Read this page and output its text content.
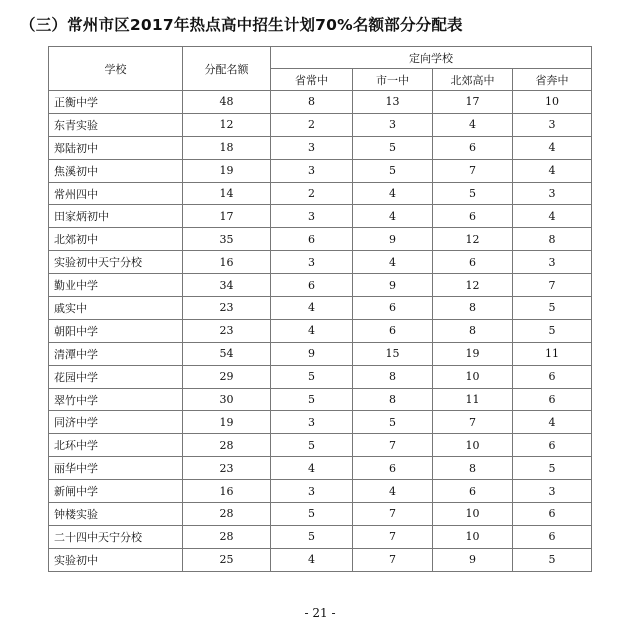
（三）常州市区2017年热点高中招生计划70%名额部分分配表
学校	分配名额	定向学校			
		省常中	市一中	北郊高中	省奔中
正衡中学	48	8	13	17	10
东青实验	12	2	3	4	3
郑陆初中	18	3	5	6	4
焦溪初中	19	3	5	7	4
常州四中	14	2	4	5	3
田家炳初中	17	3	4	6	4
北郊初中	35	6	9	12	8
实验初中天宁分校	16	3	4	6	3
勤业中学	34	6	9	12	7
戚实中	23	4	6	8	5
朝阳中学	23	4	6	8	5
清潭中学	54	9	15	19	11
花园中学	29	5	8	10	6
翠竹中学	30	5	8	11	6
同济中学	19	3	5	7	4
北环中学	28	5	7	10	6
丽华中学	23	4	6	8	5
新闸中学	16	3	4	6	3
钟楼实验	28	5	7	10	6
二十四中天宁分校	28	5	7	10	6
实验初中	25	4	7	9	5
- 21 -
